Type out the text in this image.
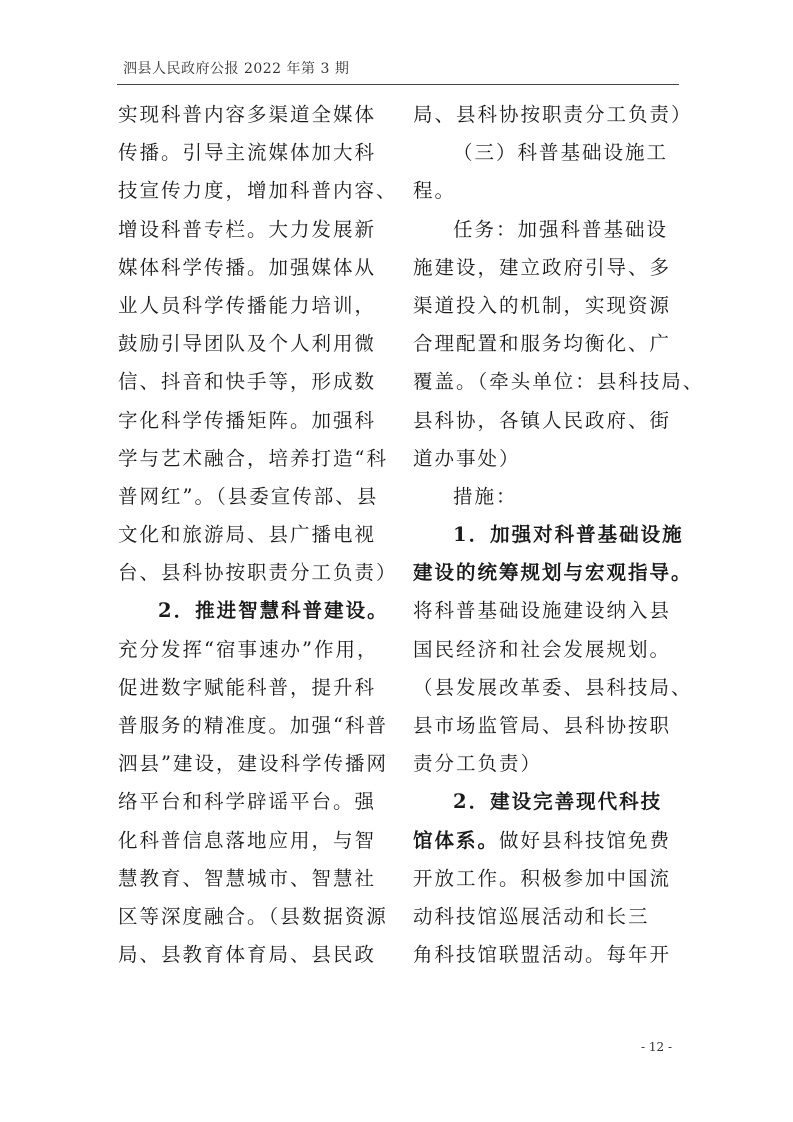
泗县人民政府公报 2022 年第 3 期
实现科普内容多渠道全媒体
传播。引导主流媒体加大科
技宣传力度，增加科普内容、
增设科普专栏。大力发展新
媒体科学传播。加强媒体从
业人员科学传播能力培训，
鼓励引导团队及个人利用微
信、抖音和快手等，形成数
字化科学传播矩阵。加强科
学与艺术融合，培养打造“科
普网红”。（县委宣传部、县
文化和旅游局、县广播电视
台、县科协按职责分工负责）
2．推进智慧科普建设。
充分发挥“宿事速办”作用，
促进数字赋能科普，提升科
普服务的精准度。加强“科普
泗县”建设，建设科学传播网
络平台和科学辟谣平台。强
化科普信息落地应用，与智
慧教育、智慧城市、智慧社
区等深度融合。（县数据资源
局、县教育体育局、县民政
局、县科协按职责分工负责）
（三）科普基础设施工
程。
任务：加强科普基础设
施建设，建立政府引导、多
渠道投入的机制，实现资源
合理配置和服务均衡化、广
覆盖。（牵头单位：县科技局、
县科协，各镇人民政府、街
道办事处）
措施：
1．加强对科普基础设施
建设的统筹规划与宏观指导。
将科普基础设施建设纳入县
国民经济和社会发展规划。
（县发展改革委、县科技局、
县市场监管局、县科协按职
责分工负责）
2．建设完善现代科技
馆体系。做好县科技馆免费
开放工作。积极参加中国流
动科技馆巡展活动和长三
角科技馆联盟活动。每年开
- 12 -
